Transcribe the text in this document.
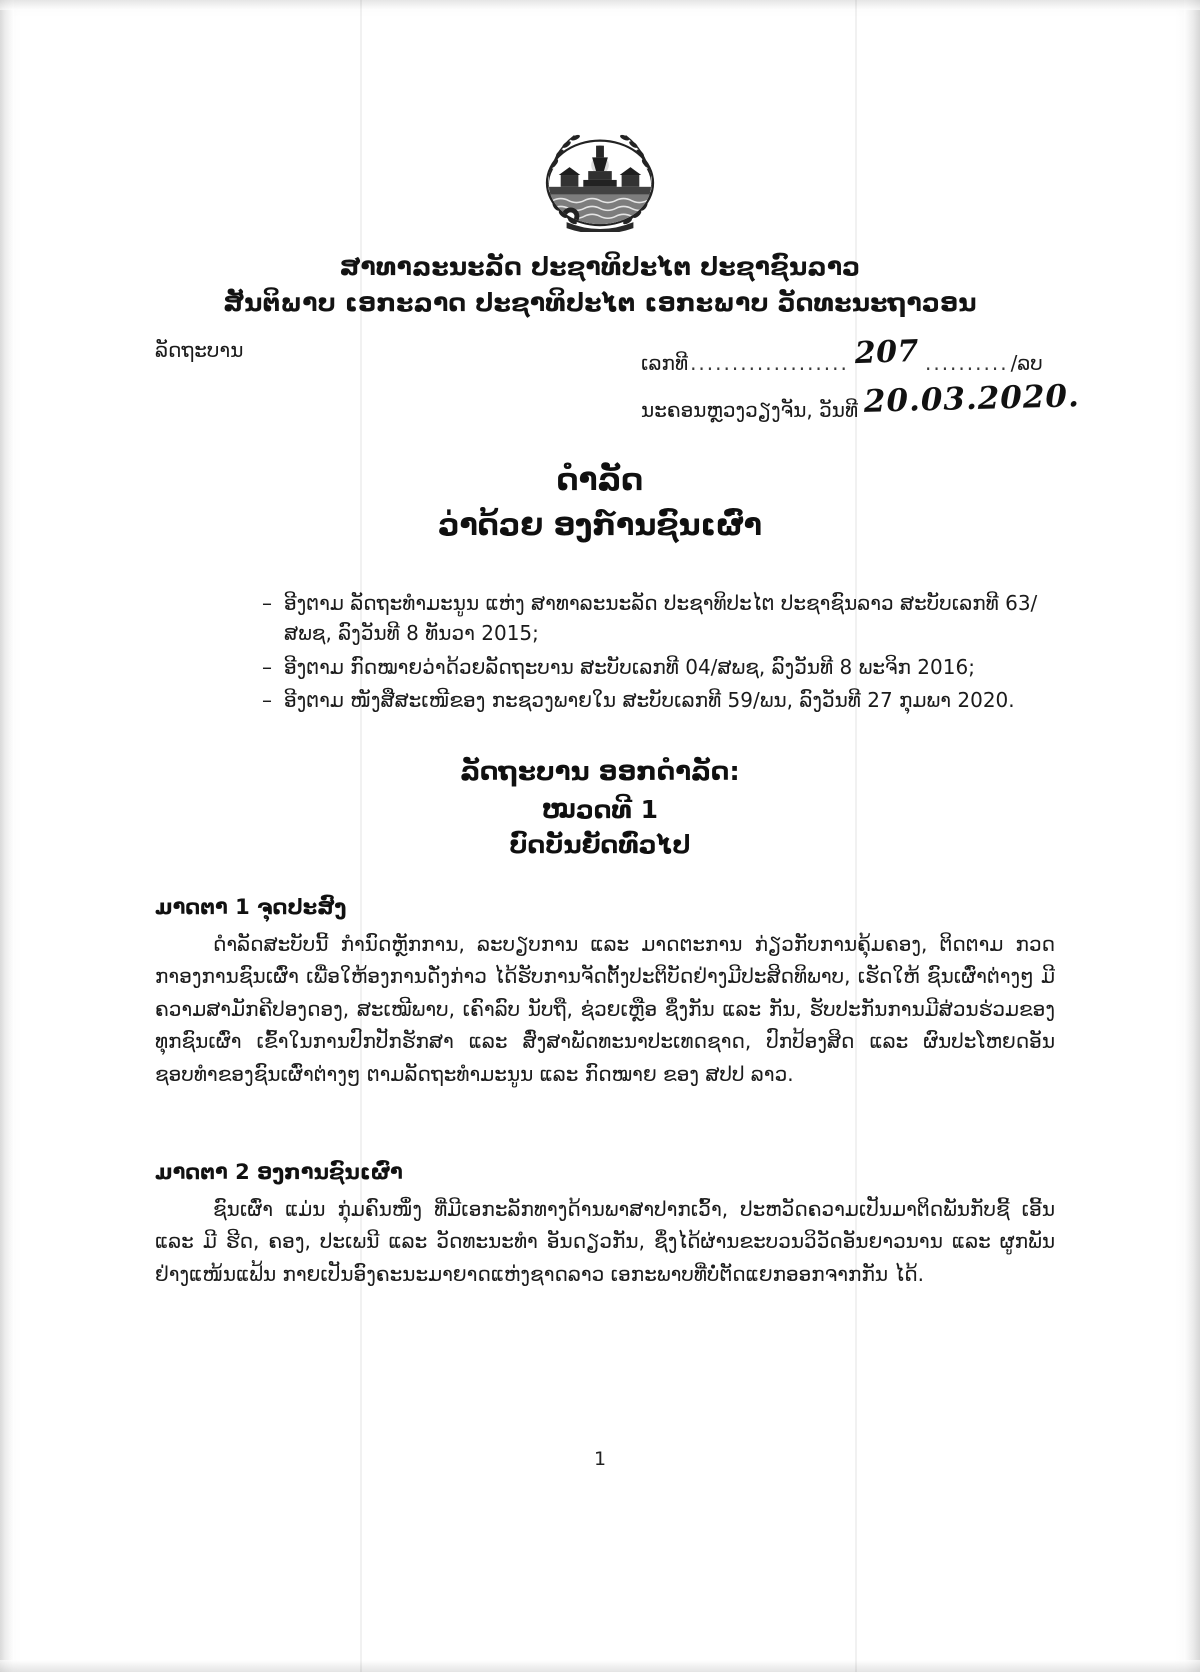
ສາທາລະນະລັດ ປະຊາທິປະໄຕ ປະຊາຊົນລາວ
ສັນຕິພາບ ເອກະລາດ ປະຊາທິປະໄຕ ເອກະພາບ ວັດທະນະຖາວອນ
ລັດຖະບານ
ເລກທີ ................... 207 .......... /ລບ
ນະຄອນຫຼວງວຽງຈັນ, ວັນທີ 20.03.2020.
ດຳລັດ
ວ່າດ້ວຍ ອງກ໌ານຊົນເຜົ່າ
– ອີງຕາມ ລັດຖະທຳມະນູນ ແຫ່ງ ສາທາລະນະລັດ ປະຊາທິປະໄຕ ປະຊາຊົນລາວ ສະບັບເລກທີ 63/ສພຊ, ລົງວັນທີ 8 ທັນວາ 2015;
– ອີງຕາມ ກົດໝາຍວ່າດ້ວຍລັດຖະບານ ສະບັບເລກທີ 04/ສພຊ, ລົງວັນທີ 8 ພະຈິກ 2016;
– ອີງຕາມ ໜັງສືສະເໜີຂອງ ກະຊວງພາຍໃນ ສະບັບເລກທີ 59/ພນ, ລົງວັນທີ 27 ກຸມພາ 2020.
ລັດຖະບານ ອອກດຳລັດ:
ໝວດທີ 1
ບົດບັນຍັດທົ່ວໄປ
ມາດຕາ 1 ຈຸດປະສົງ
ດຳລັດສະບັບນີ້ ກຳນົດຫຼັກການ, ລະບຽບການ ແລະ ມາດຕະການ ກ່ຽວກັບການຄຸ້ມຄອງ, ຕິດຕາມ ກວດກາອງການຊົນເຜົ່າ ເພື່ອໃຫ້ອງການດັ່ງກ່າວ ໄດ້ຮັບການຈັດຕັ້ງປະຕິບັດຢ່າງມີປະສິດທິພາບ, ເຮັດໃຫ້ ຊົນເຜົ່າຕ່າງໆ ມີຄວາມສາມັກຄີປອງດອງ, ສະເໝີພາບ, ເຄົາລົບ ນັບຖື, ຊ່ວຍເຫຼືອ ຊຶ່ງກັນ ແລະ ກັນ, ຮັບປະກັນການມີສ່ວນຮ່ວມຂອງທຸກຊົນເຜົ່າ ເຂົ້າໃນການປົກປັກຮັກສາ ແລະ ສົ່ງສາພັດທະນາປະເທດຊາດ, ປົກປ້ອງສິດ ແລະ ຜົນປະໂຫຍດອັນຊອບທຳຂອງຊົນເຜົ່າຕ່າງໆ ຕາມລັດຖະທຳມະນູນ ແລະ ກົດໝາຍ ຂອງ ສປປ ລາວ.
ມາດຕາ 2 ອງການຊົນເຜົ່າ
ຊົນເຜົ່າ ແມ່ນ ກຸ່ມຄົນໜຶ່ງ ທີ່ມີເອກະລັກທາງດ້ານພາສາປາກເວົ້າ, ປະຫວັດຄວາມເປັນມາຕິດພັນກັບຊີ້ ເອີ້ນ ແລະ ມີ ຮີດ, ຄອງ, ປະເພນີ ແລະ ວັດທະນະທຳ ອັນດຽວກັນ, ຊຶ່ງໄດ້ຜ່ານຂະບວນວິວັດອັນຍາວນານ ແລະ ຜູກພັນຢ່າງແໜ້ນແຟ້ນ ກາຍເປັນອົງຄະນະມາຍາດແຫ່ງຊາດລາວ ເອກະພາບທີ່ບໍ່ຕັດແຍກອອກຈາກກັນ ໄດ້.
1
